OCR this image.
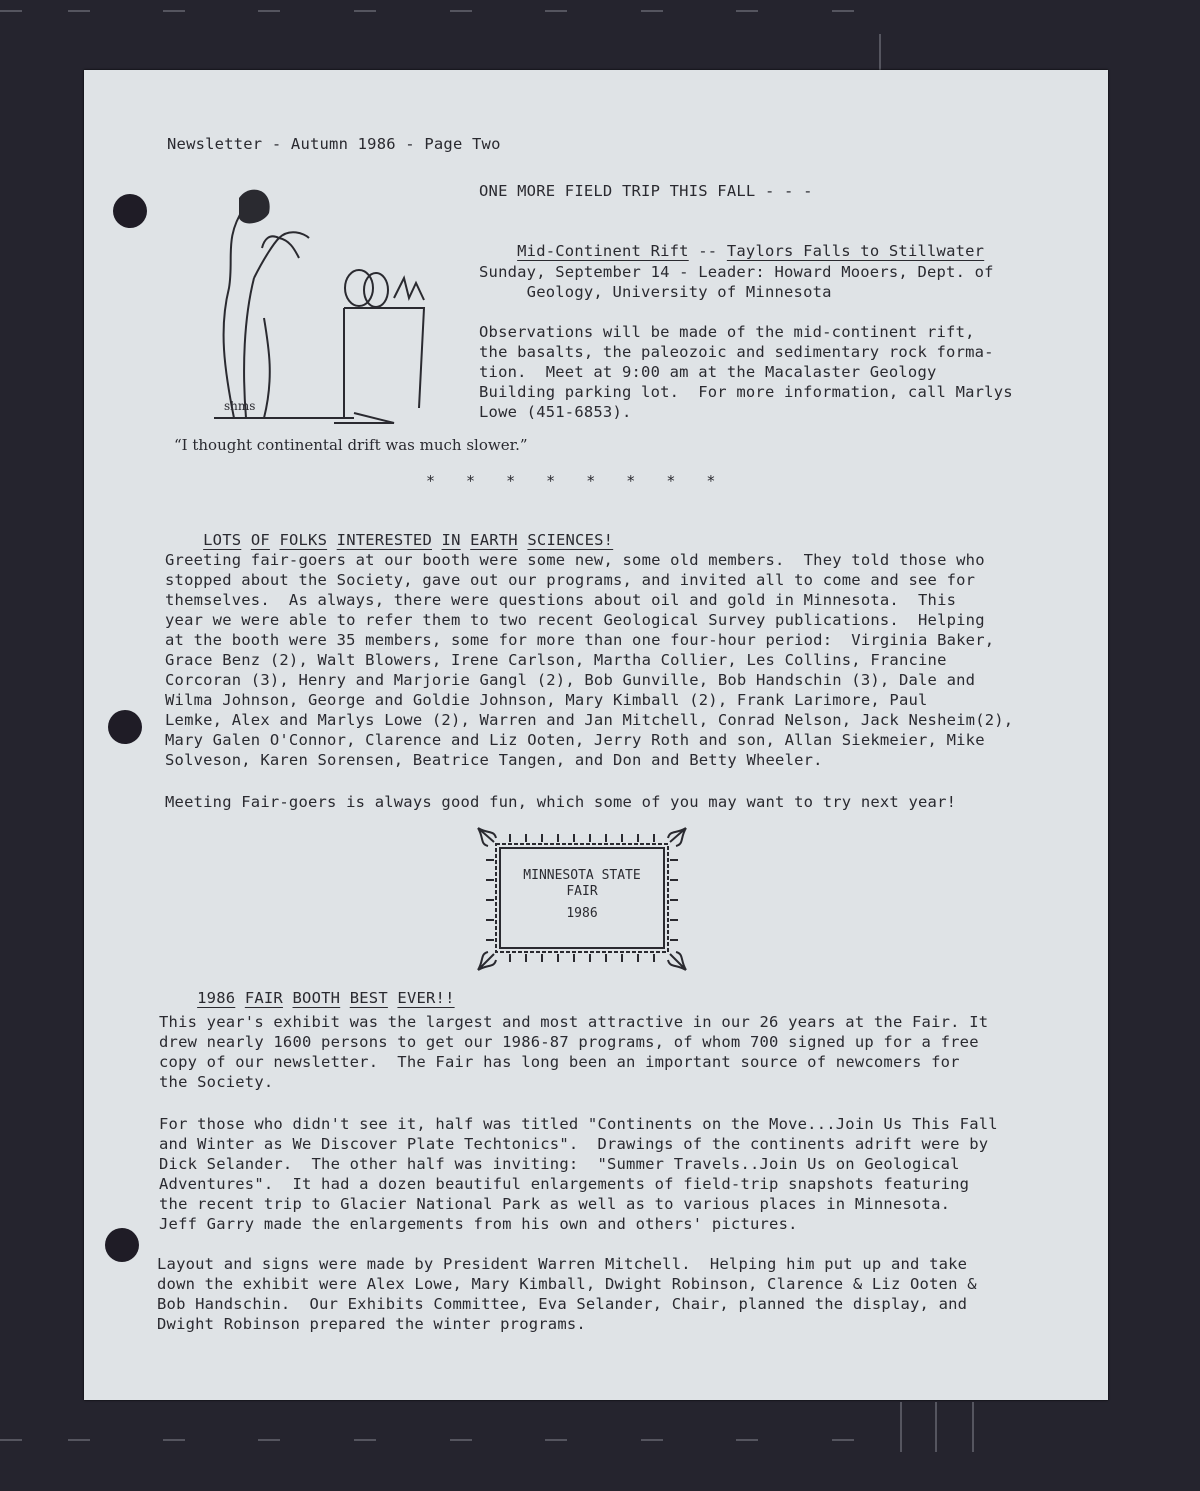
Newsletter - Autumn 1986 - Page Two
shms
“I thought continental drift was much slower.”
ONE MORE FIELD TRIP THIS FALL - - -

Mid-Continent Rift -- Taylors Falls to Stillwater

Sunday, September 14 - Leader: Howard Mooers, Dept. of
Geology, University of Minnesota
Observations will be made of the mid-continent rift,
the basalts, the paleozoic and sedimentary rock forma-
tion.  Meet at 9:00 am at the Macalaster Geology
Building parking lot.  For more information, call Marlys
Lowe (451-6853).
* * * * * * * *

LOTS OF FOLKS INTERESTED IN EARTH SCIENCES!

Greeting fair-goers at our booth were some new, some old members.  They told those who
stopped about the Society, gave out our programs, and invited all to come and see for
themselves.  As always, there were questions about oil and gold in Minnesota.  This
year we were able to refer them to two recent Geological Survey publications.  Helping
at the booth were 35 members, some for more than one four-hour period:  Virginia Baker,
Grace Benz (2), Walt Blowers, Irene Carlson, Martha Collier, Les Collins, Francine
Corcoran (3), Henry and Marjorie Gangl (2), Bob Gunville, Bob Handschin (3), Dale and
Wilma Johnson, George and Goldie Johnson, Mary Kimball (2), Frank Larimore, Paul
Lemke, Alex and Marlys Lowe (2), Warren and Jan Mitchell, Conrad Nelson, Jack Nesheim(2),
Mary Galen O'Connor, Clarence and Liz Ooten, Jerry Roth and son, Allan Siekmeier, Mike
Solveson, Karen Sorensen, Beatrice Tangen, and Don and Betty Wheeler.
Meeting Fair-goers is always good fun, which some of you may want to try next year!
MINNESOTA STATE
FAIR
1986

1986 FAIR BOOTH BEST EVER!!

This year's exhibit was the largest and most attractive in our 26 years at the Fair. It
drew nearly 1600 persons to get our 1986-87 programs, of whom 700 signed up for a free
copy of our newsletter.  The Fair has long been an important source of newcomers for
the Society.
For those who didn't see it, half was titled "Continents on the Move...Join Us This Fall
and Winter as We Discover Plate Techtonics".  Drawings of the continents adrift were by
Dick Selander.  The other half was inviting:  "Summer Travels..Join Us on Geological
Adventures".  It had a dozen beautiful enlargements of field-trip snapshots featuring
the recent trip to Glacier National Park as well as to various places in Minnesota.
Jeff Garry made the enlargements from his own and others' pictures.
Layout and signs were made by President Warren Mitchell.  Helping him put up and take
down the exhibit were Alex Lowe, Mary Kimball, Dwight Robinson, Clarence & Liz Ooten &
Bob Handschin.  Our Exhibits Committee, Eva Selander, Chair, planned the display, and
Dwight Robinson prepared the winter programs.
